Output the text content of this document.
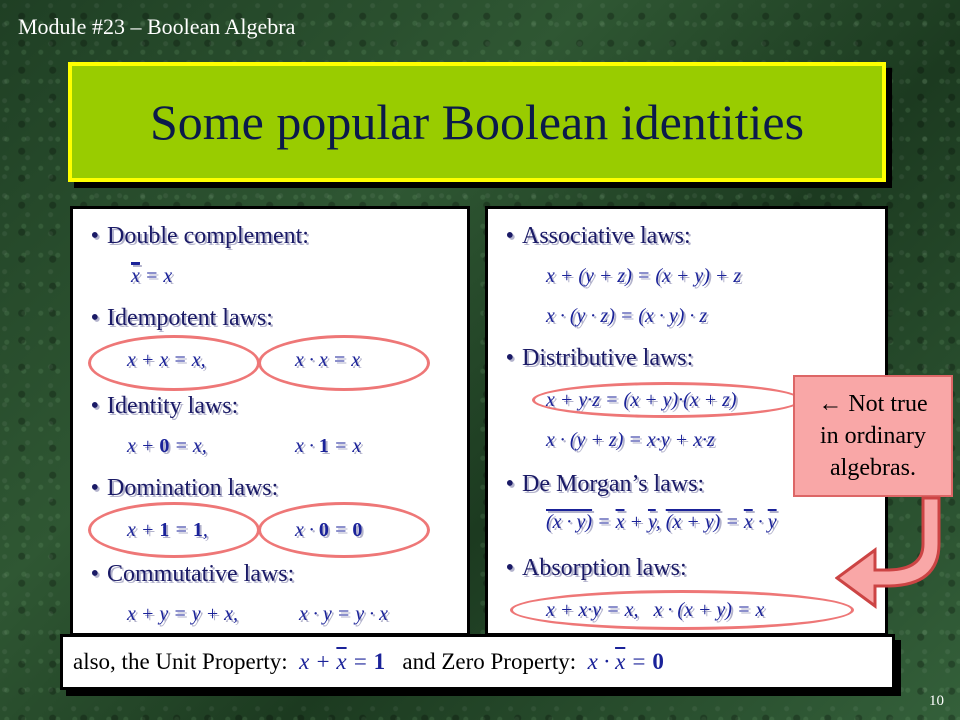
Module #23 – Boolean Algebra
Some popular Boolean identities
• Double complement:
$\overline{x} = x$
• Idempotent laws:
x + x = x,	x · x = x
• Identity laws:
x + 0 = x,	x · 1 = x
• Domination laws:
x + 1 = 1,	x · 0 = 0
• Commutative laws:
x + y = y + x,	x · y = y · x
• Associative laws:
x + (y + z) = (x + y) + z
x · (y · z) = (x · y) · z
• Distributive laws:
x + y·z = (x + y)·(x + z)
x · (y + z) = x·y + x·z
• De Morgan’s laws:
$(x \cdot y) = \overline{x} + \overline{y}$, $(x + y) = \overline{x} \cdot \overline{y}$
• Absorption laws:
x + x·y = x, x · (x + y) = x
← Not true
in ordinary
algebras.
also, the Unit Property: $x + \overline{x} = 1$ and Zero Property: $x \cdot \overline{x} = 0$
10
